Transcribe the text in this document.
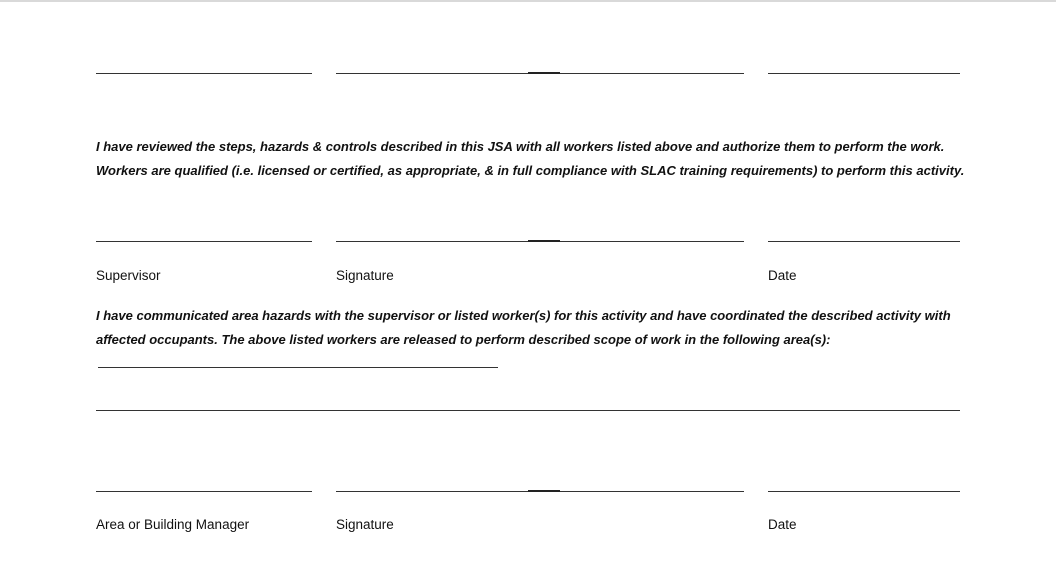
I have reviewed the steps, hazards & controls described in this JSA with all workers listed above and authorize them to perform the work. Workers are qualified (i.e. licensed or certified, as appropriate, & in full compliance with SLAC training requirements) to perform this activity.

Supervisor	Signature	Date

I have communicated area hazards with the supervisor or listed worker(s) for this activity and have coordinated the described activity with affected occupants. The above listed workers are released to perform described scope of work in the following area(s):

Area or Building Manager	Signature	Date
